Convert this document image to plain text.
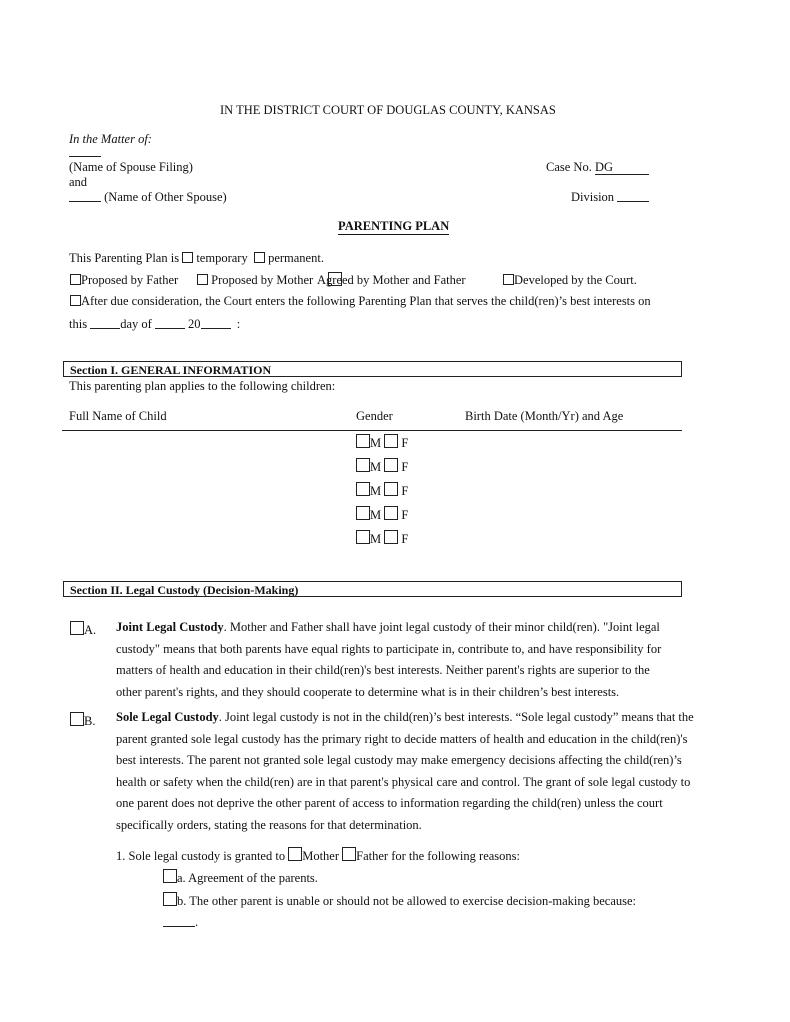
IN THE DISTRICT COURT OF DOUGLAS COUNTY, KANSAS
In the Matter of:
(Name of Spouse Filing)
and
(Name of Other Spouse)
Case No. DG
Division
PARENTING PLAN
This Parenting Plan is temporary permanent.
Proposed by Father	Proposed by Mother Agreed by Mother and Father	Developed by the Court.
After due consideration, the Court enters the following Parenting Plan that serves the child(ren)’s best interests on
this	day of	20	:
Section I. GENERAL INFORMATION
This parenting plan applies to the following children:
Full Name of Child	Gender	Birth Date (Month/Yr) and Age
M F
M F
M F
M F
M F
Section II. Legal Custody (Decision-Making)
A. Joint Legal Custody. Mother and Father shall have joint legal custody of their minor child(ren). "Joint legal
custody" means that both parents have equal rights to participate in, contribute to, and have responsibility for
matters of health and education in their child(ren)'s best interests. Neither parent's rights are superior to the
other parent's rights, and they should cooperate to determine what is in their children’s best interests.
B. Sole Legal Custody. Joint legal custody is not in the child(ren)’s best interests. “Sole legal custody” means that the
parent granted sole legal custody has the primary right to decide matters of health and education in the child(ren)'s
best interests. The parent not granted sole legal custody may make emergency decisions affecting the child(ren)’s
health or safety when the child(ren) are in that parent's physical care and control. The grant of sole legal custody to
one parent does not deprive the other parent of access to information regarding the child(ren) unless the court
specifically orders, stating the reasons for that determination.
1. Sole legal custody is granted to Mother Father for the following reasons:
a. Agreement of the parents.
b. The other parent is unable or should not be allowed to exercise decision-making because:
.
